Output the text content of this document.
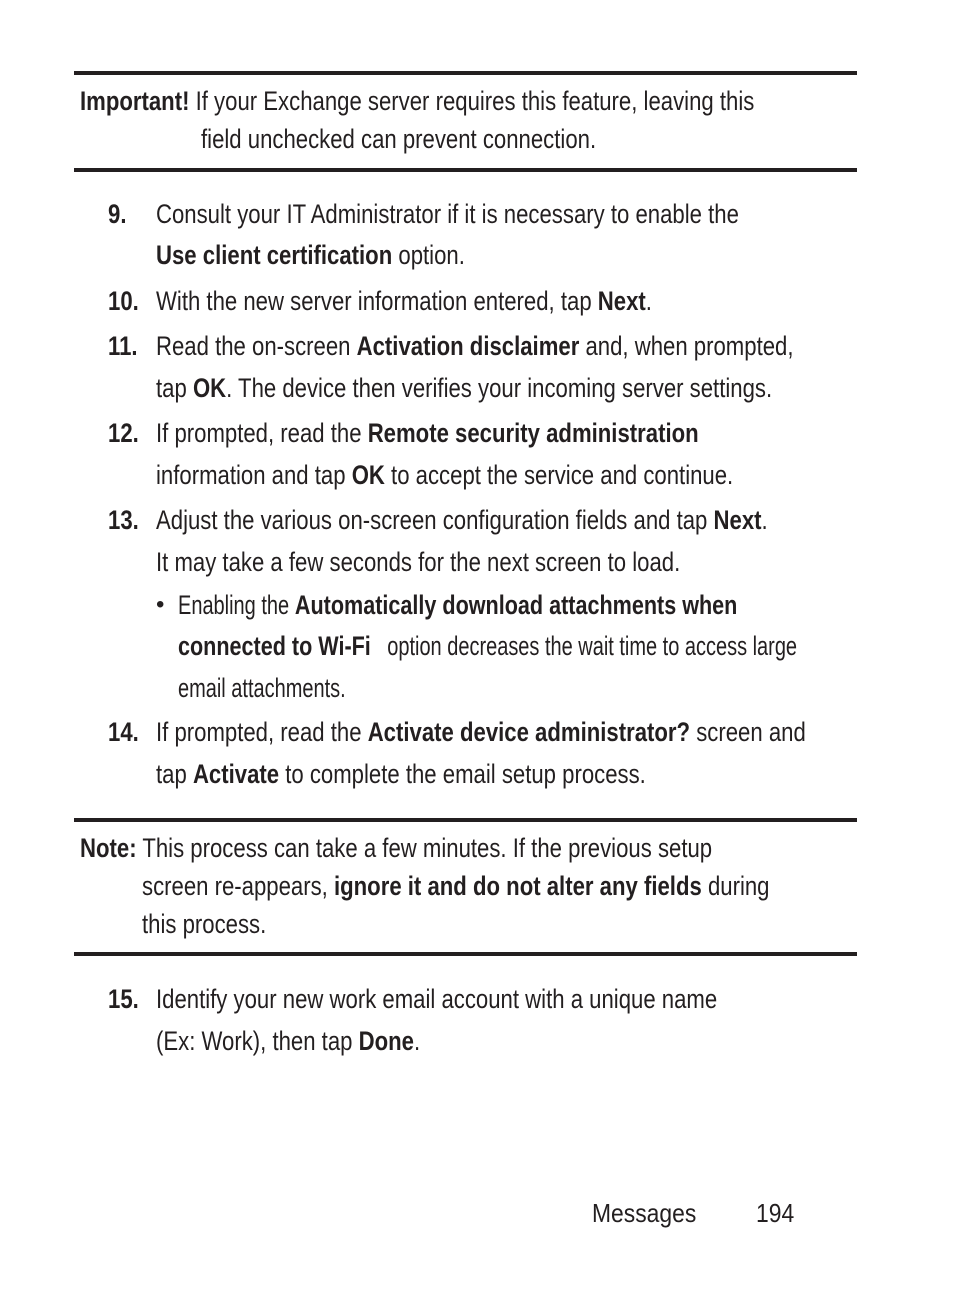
Important! If your Exchange server requires this feature, leaving this
field unchecked can prevent connection.
9. Consult your IT Administrator if it is necessary to enable the
Use client certification option.
10. With the new server information entered, tap Next.
11. Read the on-screen Activation disclaimer and, when prompted,
tap OK. The device then verifies your incoming server settings.
12. If prompted, read the Remote security administration
information and tap OK to accept the service and continue.
13. Adjust the various on-screen configuration fields and tap Next.
It may take a few seconds for the next screen to load.
• Enabling the Automatically download attachments when
connected to Wi-Fi option decreases the wait time to access large
email attachments.
14. If prompted, read the Activate device administrator? screen and
tap Activate to complete the email setup process.
Note: This process can take a few minutes. If the previous setup
screen re-appears, ignore it and do not alter any fields during
this process.
15. Identify your new work email account with a unique name
(Ex: Work), then tap Done.
Messages 194
